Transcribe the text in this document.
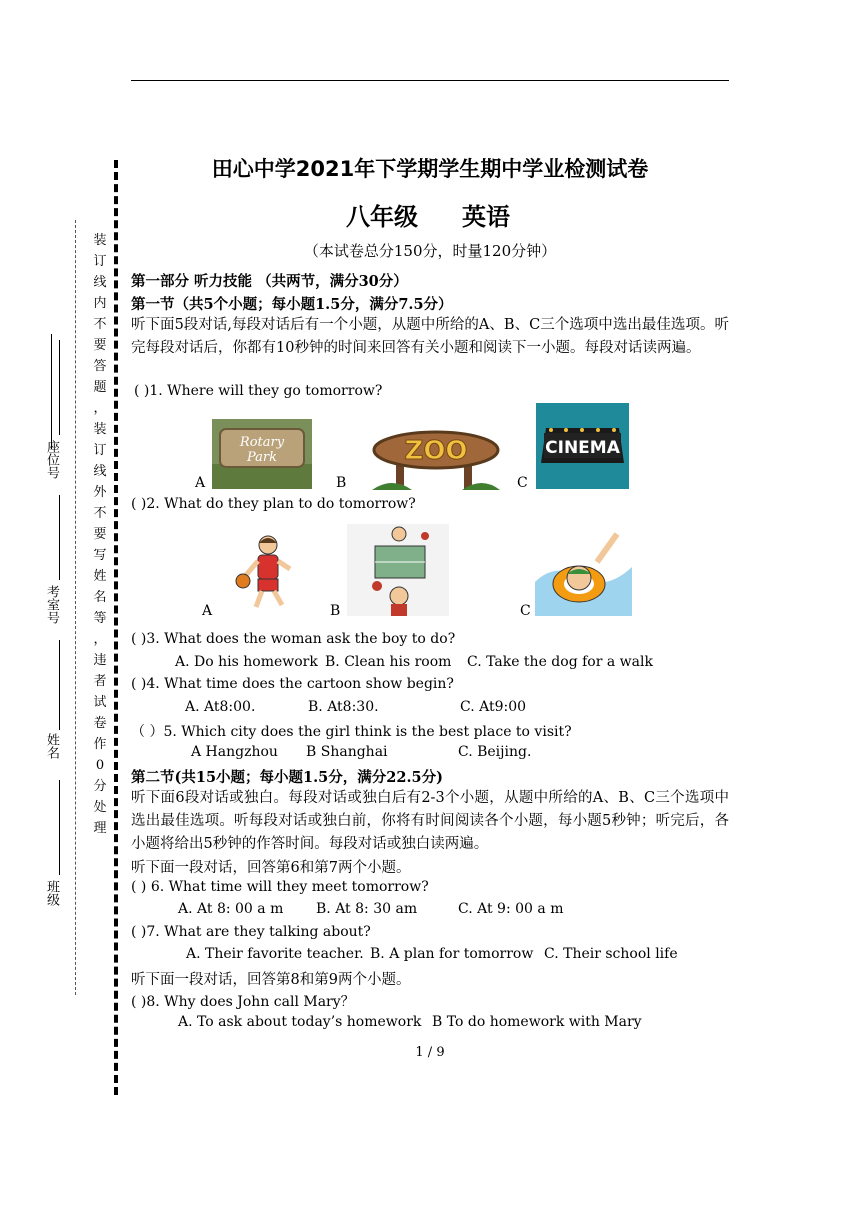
装
订
线
内
不
要
答
题
，
装
订
线
外
不
要
写
姓
名
等
，
违
者
试
卷
作
0
分
处
理
座位号
考室号
姓名
班级
田心中学2021年下学期学生期中学业检测试卷
八年级 英语
（本试卷总分150分，时量120分钟）
第一部分 听力技能 （共两节，满分30分）
第一节（共5个小题；每小题1.5分，满分7.5分）
听下面5段对话,每段对话后有一个小题，从题中所给的A、B、C三个选项中选出最佳选项。听完每段对话后，你都有10秒钟的时间来回答有关小题和阅读下一小题。每段对话读两遍。
( )1. Where will they go tomorrow?
A
Rotary
Park
B
ZOO
C
CINEMA
( )2. What do they plan to do tomorrow?
A	B	C
( )3. What does the woman ask the boy to do?
A. Do his homework B. Clean his room C. Take the dog for a walk
( )4. What time does the cartoon show begin?
A. At8:00.	B. At8:30.	C. At9:00
（ ）5. Which city does the girl think is the best place to visit?
A Hangzhou B Shanghai	C. Beijing.
第二节(共15小题；每小题1.5分，满分22.5分)
听下面6段对话或独白。每段对话或独白后有2-3个小题，从题中所给的A、B、C三个选项中选出最佳选项。听每段对话或独白前，你将有时间阅读各个小题，每小题5秒钟；听完后，各小题将给出5秒钟的作答时间。每段对话或独白读两遍。
听下面一段对话，回答第6和第7两个小题。
( ) 6. What time will they meet tomorrow?
A. At 8: 00 a m B. At 8: 30 am	C. At 9: 00 a m
( )7. What are they talking about?
A. Their favorite teacher. B. A plan for tomorrow C. Their school life
听下面一段对话，回答第8和第9两个小题。
( )8. Why does John call Mary？
A. To ask about today’s homework B To do homework with Mary
1 / 9
